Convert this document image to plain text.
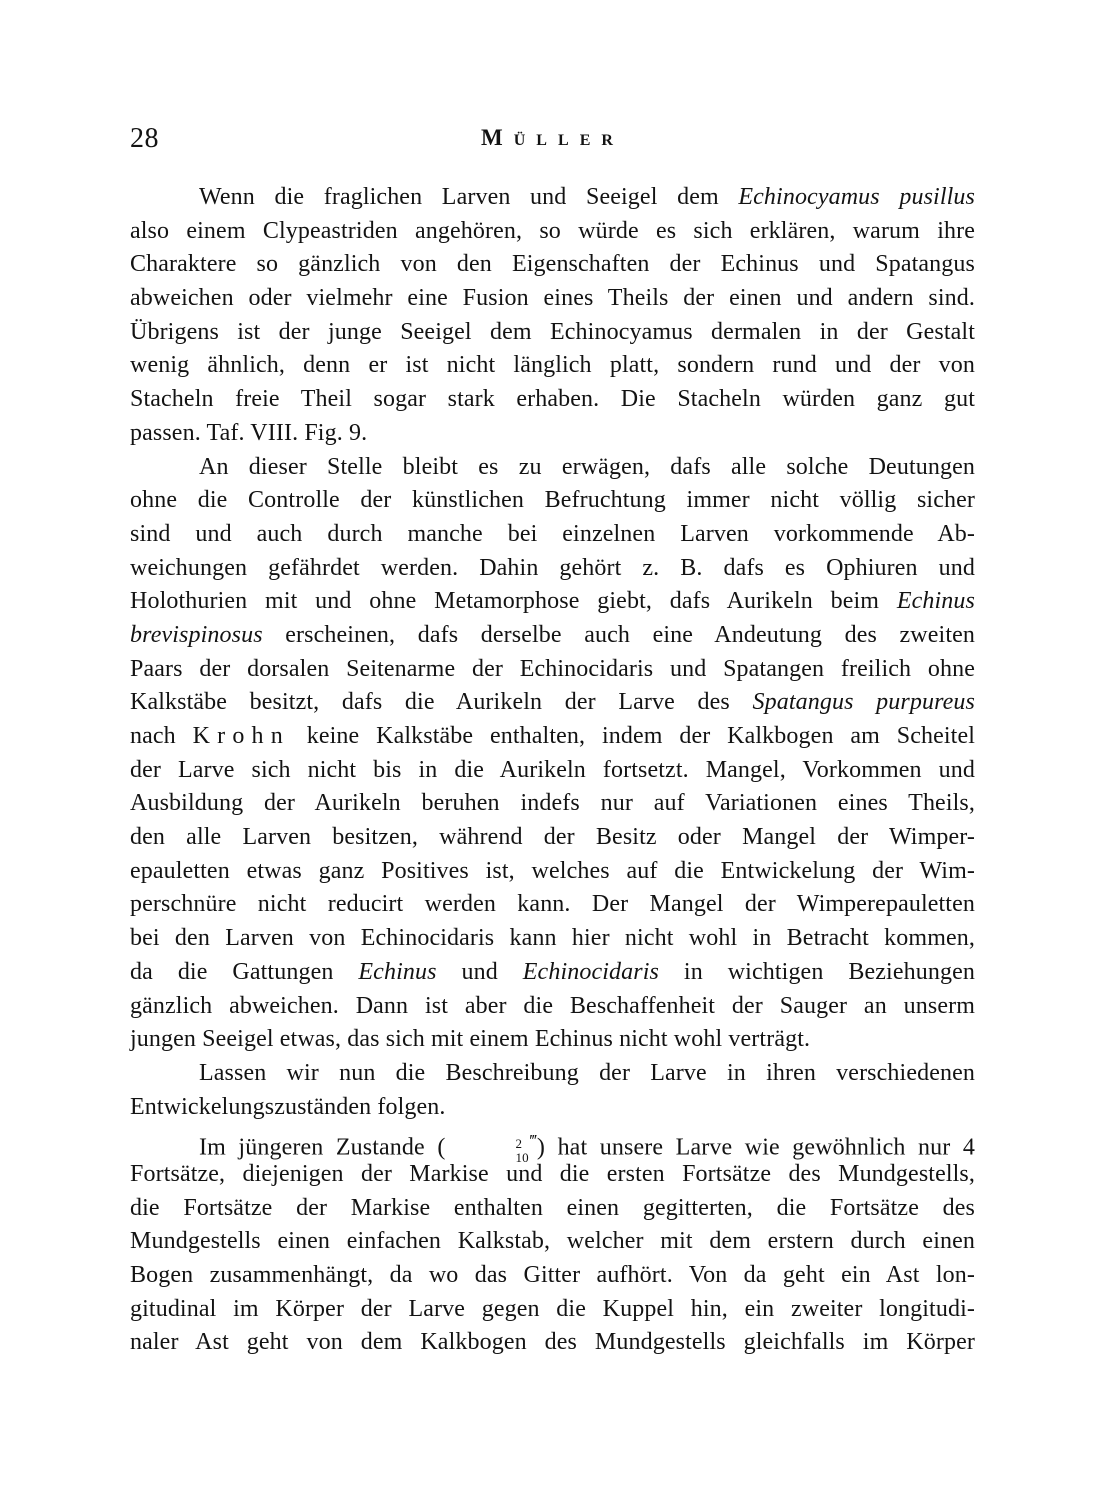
28	Müller
Wenn die fraglichen Larven und Seeigel dem Echinocyamus pusillus
also einem Clypeastriden angehören, so würde es sich erklären, warum ihre
Charaktere so gänzlich von den Eigenschaften der Echinus und Spatangus
abweichen oder vielmehr eine Fusion eines Theils der einen und andern sind.
Übrigens ist der junge Seeigel dem Echinocyamus dermalen in der Gestalt
wenig ähnlich, denn er ist nicht länglich platt, sondern rund und der von
Stacheln freie Theil sogar stark erhaben. Die Stacheln würden ganz gut
passen. Taf. VIII. Fig. 9.
An dieser Stelle bleibt es zu erwägen, dafs alle solche Deutungen
ohne die Controlle der künstlichen Befruchtung immer nicht völlig sicher
sind und auch durch manche bei einzelnen Larven vorkommende Ab-
weichungen gefährdet werden. Dahin gehört z. B. dafs es Ophiuren und
Holothurien mit und ohne Metamorphose giebt, dafs Aurikeln beim Echinus
brevispinosus erscheinen, dafs derselbe auch eine Andeutung des zweiten
Paars der dorsalen Seitenarme der Echinocidaris und Spatangen freilich ohne
Kalkstäbe besitzt, dafs die Aurikeln der Larve des Spatangus purpureus
nach Krohn keine Kalkstäbe enthalten, indem der Kalkbogen am Scheitel
der Larve sich nicht bis in die Aurikeln fortsetzt. Mangel, Vorkommen und
Ausbildung der Aurikeln beruhen indefs nur auf Variationen eines Theils,
den alle Larven besitzen, während der Besitz oder Mangel der Wimper-
epauletten etwas ganz Positives ist, welches auf die Entwickelung der Wim-
perschnüre nicht reducirt werden kann. Der Mangel der Wimperepauletten
bei den Larven von Echinocidaris kann hier nicht wohl in Betracht kommen,
da die Gattungen Echinus und Echinocidaris in wichtigen Beziehungen
gänzlich abweichen. Dann ist aber die Beschaffenheit der Sauger an unserm
jungen Seeigel etwas, das sich mit einem Echinus nicht wohl verträgt.
Lassen wir nun die Beschreibung der Larve in ihren verschiedenen
Entwickelungszuständen folgen.
Im jüngeren Zustande (	2
10
‴) hat unsere Larve wie gewöhnlich nur 4
Fortsätze, diejenigen der Markise und die ersten Fortsätze des Mundgestells,
die Fortsätze der Markise enthalten einen gegitterten, die Fortsätze des
Mundgestells einen einfachen Kalkstab, welcher mit dem erstern durch einen
Bogen zusammenhängt, da wo das Gitter aufhört. Von da geht ein Ast lon-
gitudinal im Körper der Larve gegen die Kuppel hin, ein zweiter longitudi-
naler Ast geht von dem Kalkbogen des Mundgestells gleichfalls im Körper
